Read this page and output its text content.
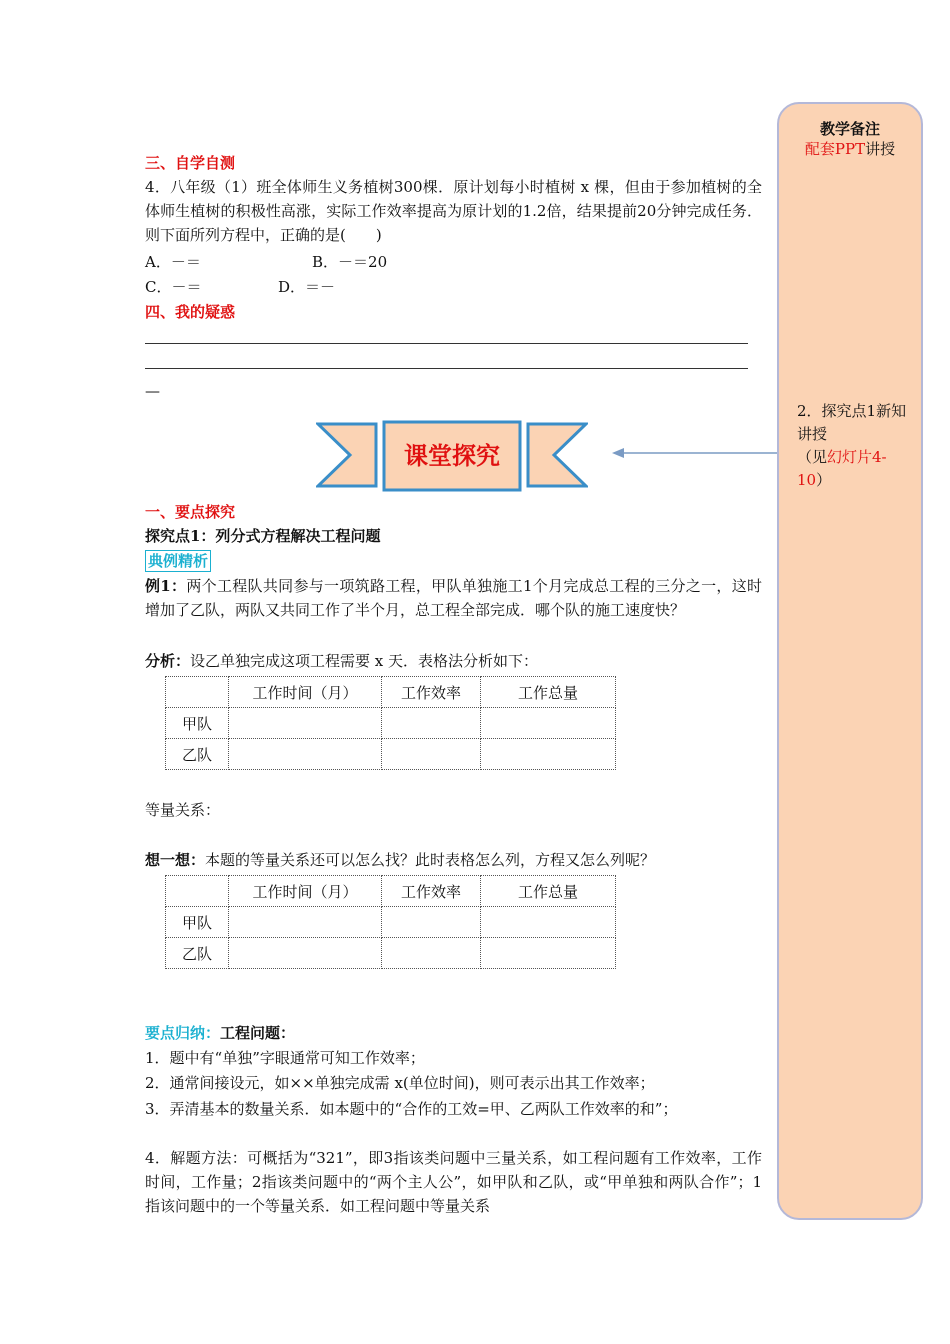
三、自学自测
4．八年级（1）班全体师生义务植树300棵．原计划每小时植树 x 棵，但由于参加植树的全体师生植树的积极性高涨，实际工作效率提高为原计划的1.2倍，结果提前20分钟完成任务．则下面所列方程中，正确的是(　　)
A．－＝	B．－＝20
C．－＝	D．＝－
四、我的疑惑
—
课堂探究
一、要点探究
探究点1：列分式方程解决工程问题
典例精析
例1：两个工程队共同参与一项筑路工程，甲队单独施工1个月完成总工程的三分之一，这时增加了乙队，两队又共同工作了半个月，总工程全部完成．哪个队的施工速度快？
分析：设乙单独完成这项工程需要 x 天．表格法分析如下：
	工作时间（月）	工作效率	工作总量
甲队			
乙队			
等量关系：
想一想：本题的等量关系还可以怎么找？此时表格怎么列，方程又怎么列呢？
	工作时间（月）	工作效率	工作总量
甲队			
乙队			
要点归纳：工程问题：
1．题中有“单独”字眼通常可知工作效率；
2．通常间接设元，如××单独完成需 x(单位时间)，则可表示出其工作效率；
3．弄清基本的数量关系．如本题中的“合作的工效=甲、乙两队工作效率的和”；
4．解题方法：可概括为“321”，即3指该类问题中三量关系，如工程问题有工作效率，工作时间，工作量；2指该类问题中的“两个主人公”，如甲队和乙队，或“甲单独和两队合作”；1指该问题中的一个等量关系．如工程问题中等量关系
教学备注
配套PPT讲授
2．探究点1新知讲授
（见幻灯片4-10）
